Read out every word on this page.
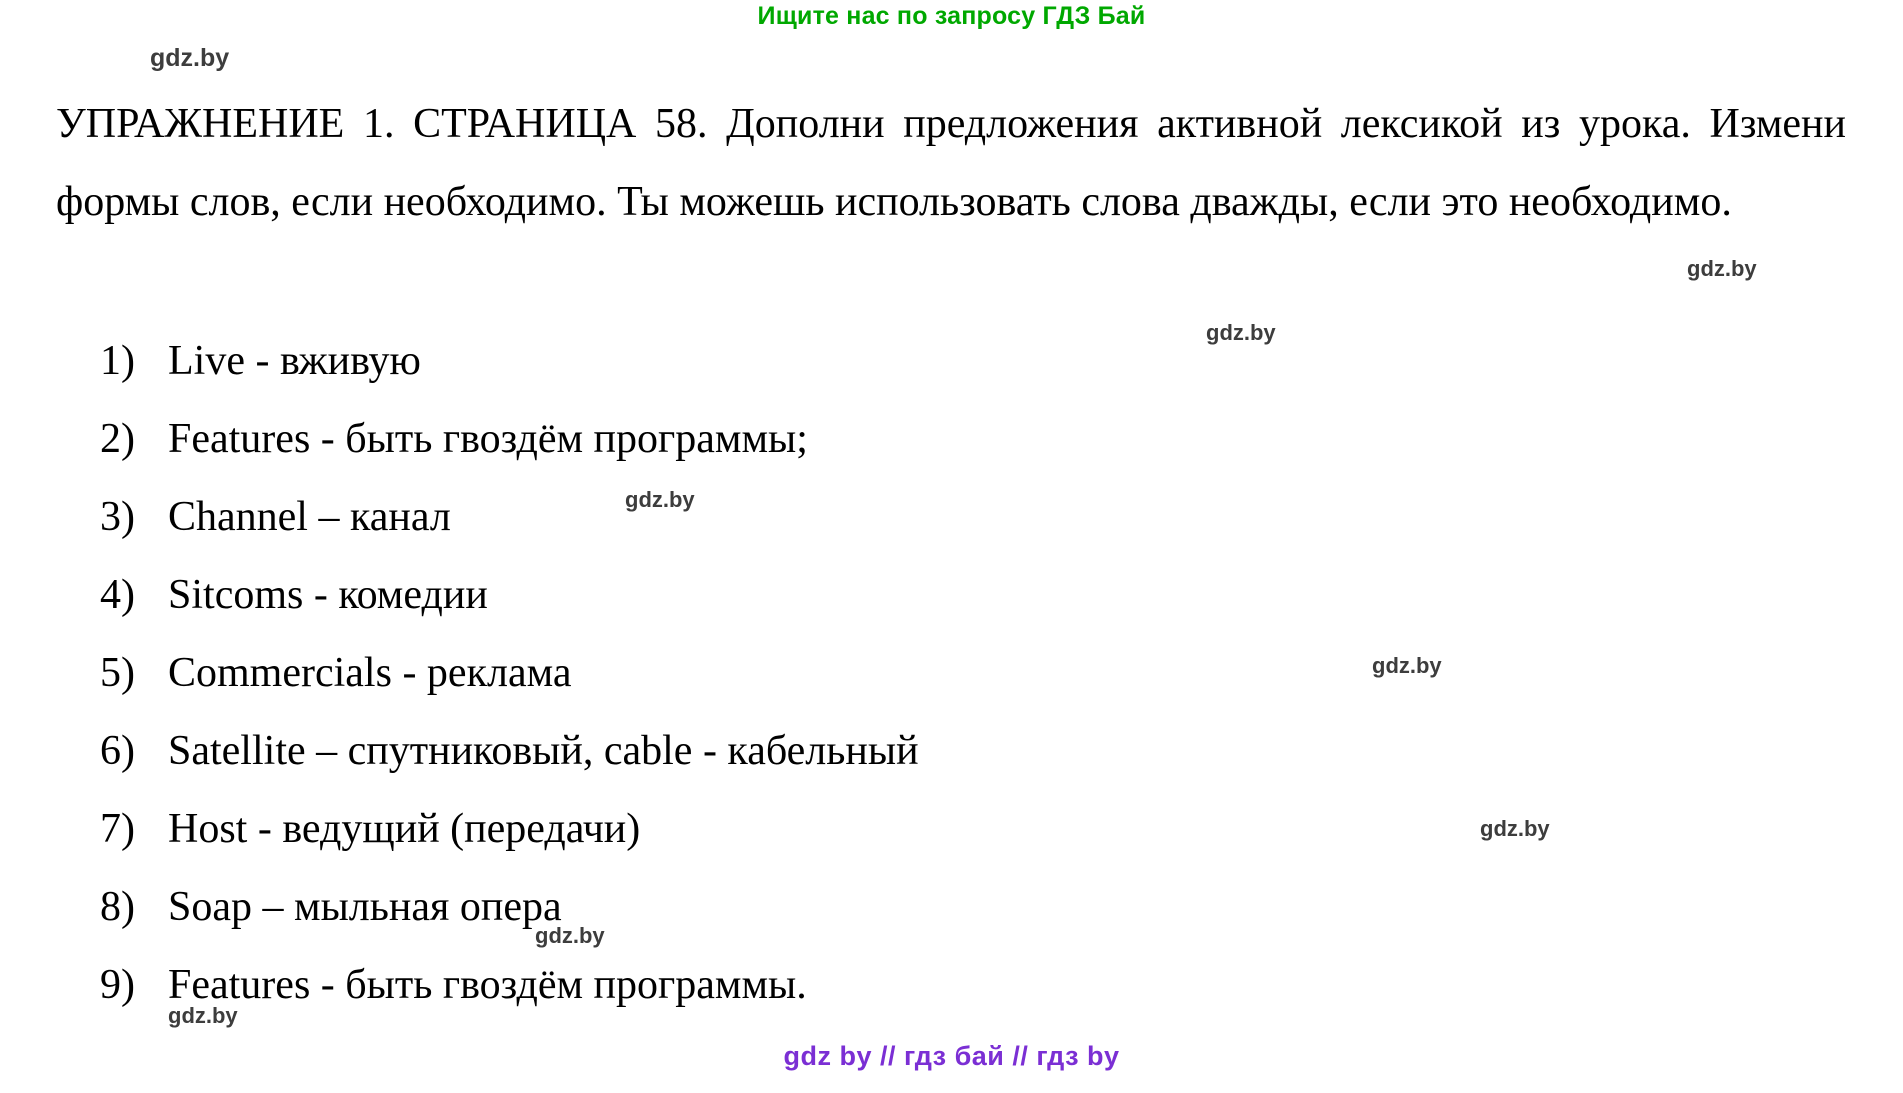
Ищите нас по запросу ГДЗ Бай
gdz.by
УПРАЖНЕНИЕ 1. СТРАНИЦА 58. Дополни предложения активной лексикой из урока. Измени формы слов, если необходимо. Ты можешь использовать слова дважды, если это необходимо.
gdz.by
gdz.by
1) Live - вживую
2) Features - быть гвоздём программы;
3) Channel – канал
4) Sitcoms - комедии
5) Commercials - реклама
6) Satellite – спутниковый, cable - кабельный
7) Host - ведущий (передачи)
8) Soap – мыльная опера
9) Features - быть гвоздём программы.
gdz.by
gdz.by
gdz.by
gdz.by
gdz.by
gdz by // гдз бай // гдз by
